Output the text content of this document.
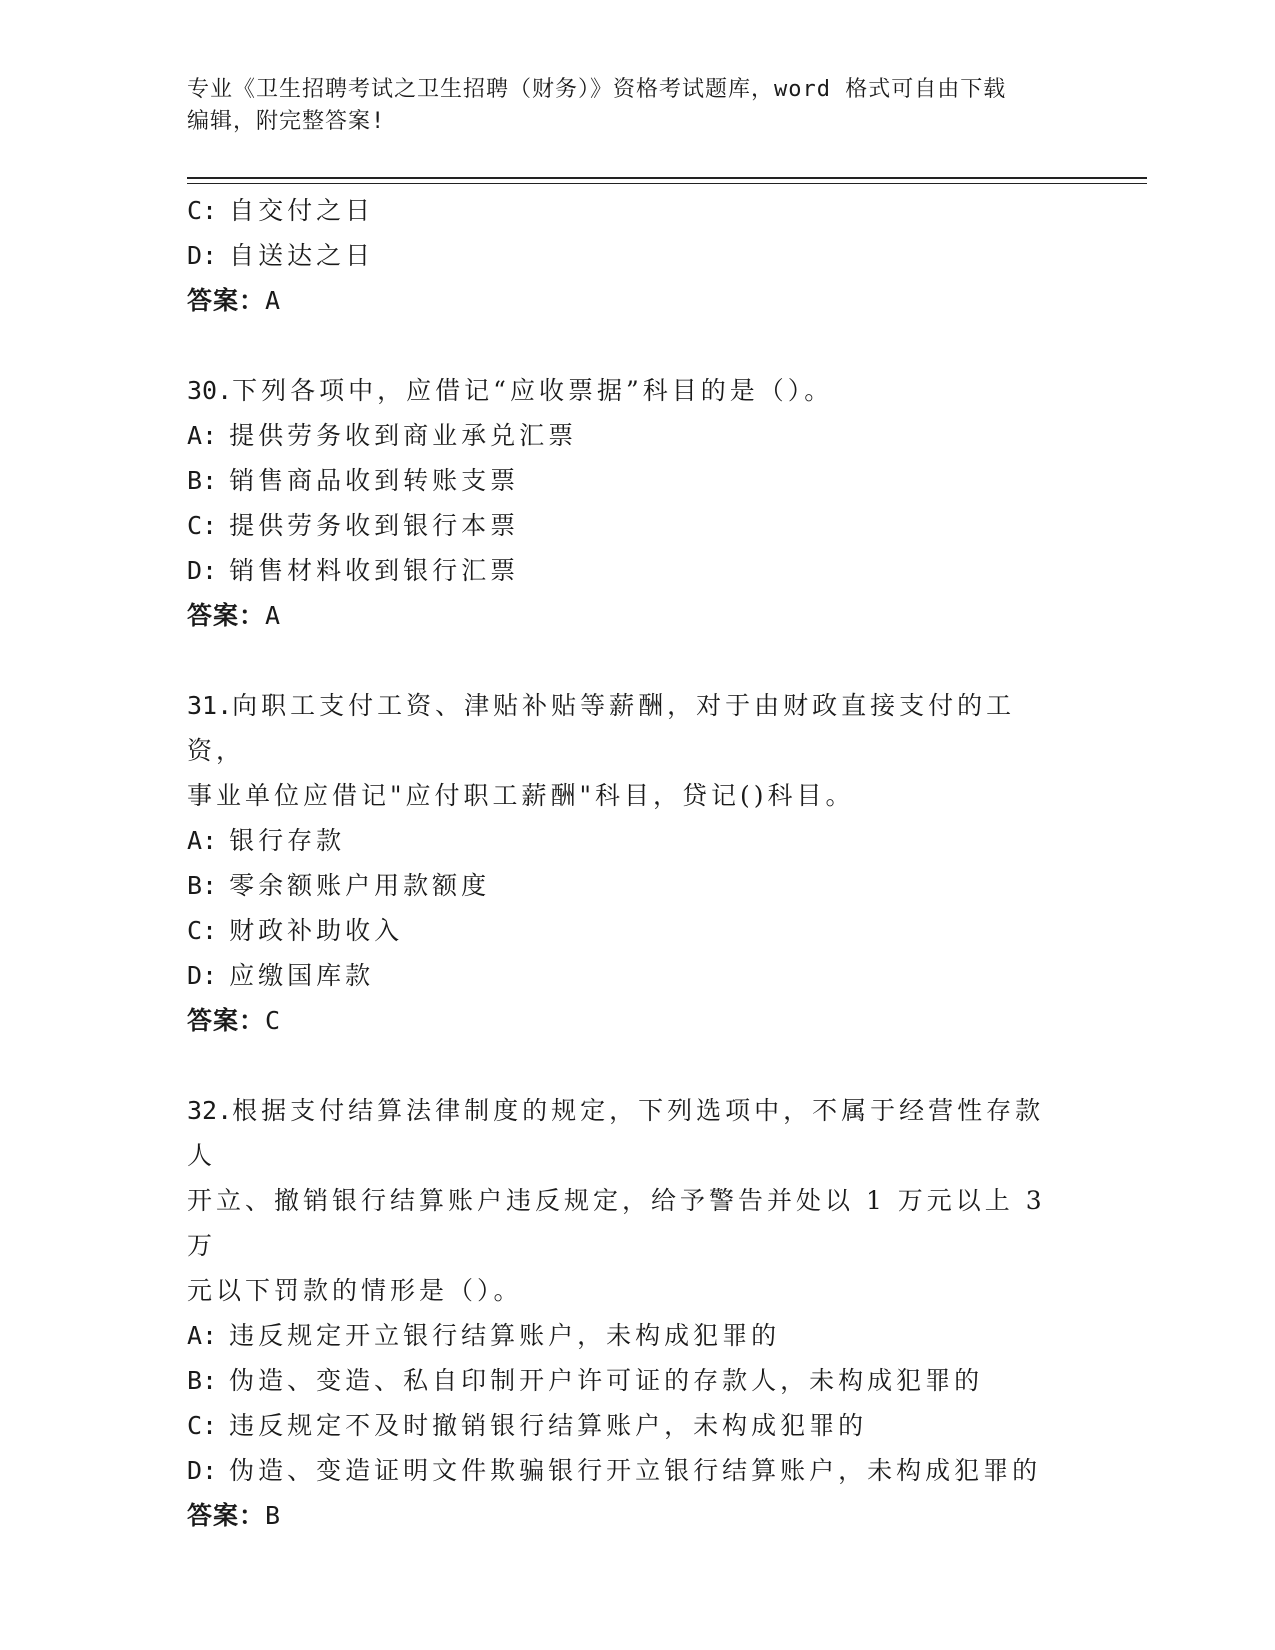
专业《卫生招聘考试之卫生招聘（财务）》资格考试题库，word 格式可自由下载
编辑，附完整答案!
C: 自交付之日
D: 自送达之日
答案：A
30.下列各项中，应借记“应收票据”科目的是（）。
A: 提供劳务收到商业承兑汇票
B: 销售商品收到转账支票
C: 提供劳务收到银行本票
D: 销售材料收到银行汇票
答案：A
31.向职工支付工资、津贴补贴等薪酬，对于由财政直接支付的工资，
事业单位应借记"应付职工薪酬"科目，贷记()科目。
A: 银行存款
B: 零余额账户用款额度
C: 财政补助收入
D: 应缴国库款
答案：C
32.根据支付结算法律制度的规定，下列选项中，不属于经营性存款人
开立、撤销银行结算账户违反规定，给予警告并处以 1 万元以上 3 万
元以下罚款的情形是（）。
A: 违反规定开立银行结算账户，未构成犯罪的
B: 伪造、变造、私自印制开户许可证的存款人，未构成犯罪的
C: 违反规定不及时撤销银行结算账户，未构成犯罪的
D: 伪造、变造证明文件欺骗银行开立银行结算账户，未构成犯罪的
答案：B
